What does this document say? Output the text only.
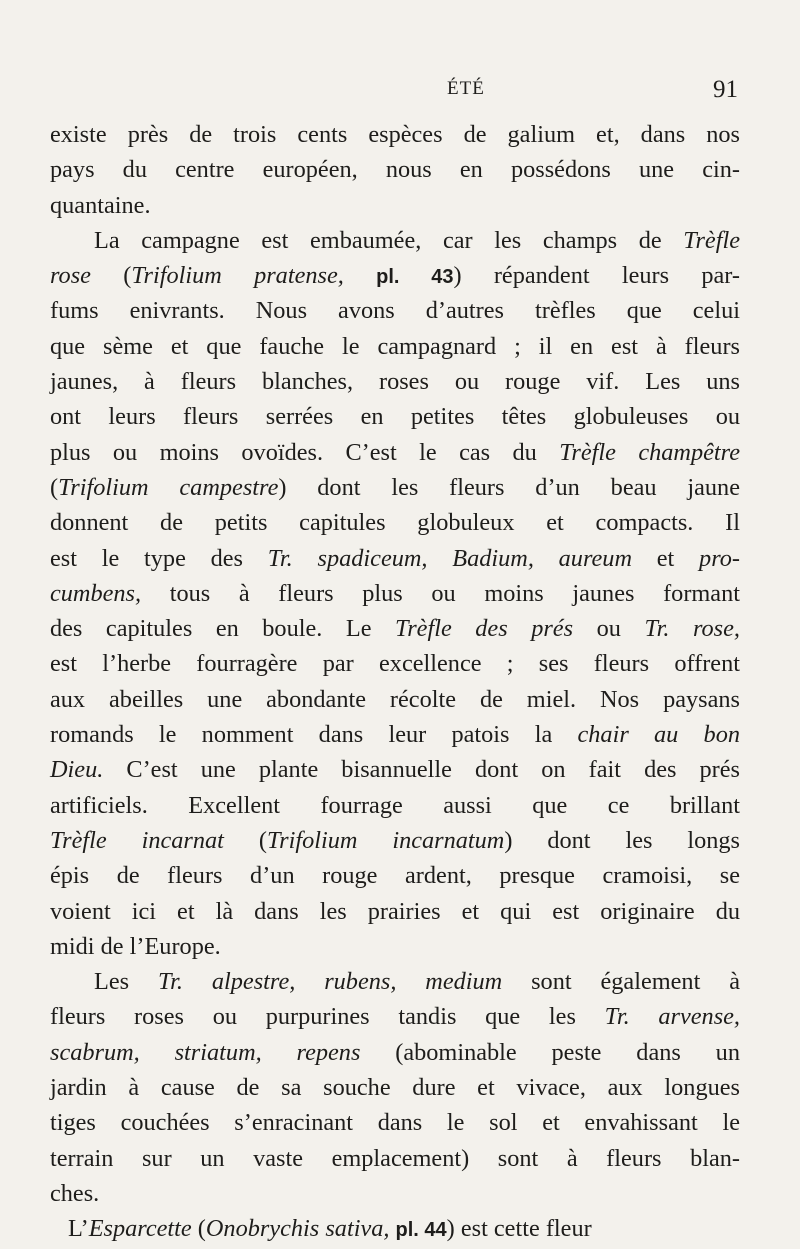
ÉTÉ	91
existe près de trois cents espèces de galium et, dans nos
pays du centre européen, nous en possédons une cin-
quantaine.
La campagne est embaumée, car les champs de Trèfle
rose (Trifolium pratense, pl. 43) répandent leurs par-
fums enivrants. Nous avons d’autres trèfles que celui
que sème et que fauche le campagnard ; il en est à fleurs
jaunes, à fleurs blanches, roses ou rouge vif. Les uns
ont leurs fleurs serrées en petites têtes globuleuses ou
plus ou moins ovoïdes. C’est le cas du Trèfle champêtre
(Trifolium campestre) dont les fleurs d’un beau jaune
donnent de petits capitules globuleux et compacts. Il
est le type des Tr. spadiceum, Badium, aureum et pro-
cumbens, tous à fleurs plus ou moins jaunes formant
des capitules en boule. Le Trèfle des prés ou Tr. rose,
est l’herbe fourragère par excellence ; ses fleurs offrent
aux abeilles une abondante récolte de miel. Nos paysans
romands le nomment dans leur patois la chair au bon
Dieu. C’est une plante bisannuelle dont on fait des prés
artificiels. Excellent fourrage aussi que ce brillant
Trèfle incarnat (Trifolium incarnatum) dont les longs
épis de fleurs d’un rouge ardent, presque cramoisi, se
voient ici et là dans les prairies et qui est originaire du
midi de l’Europe.
Les Tr. alpestre, rubens, medium sont également à
fleurs roses ou purpurines tandis que les Tr. arvense,
scabrum, striatum, repens (abominable peste dans un
jardin à cause de sa souche dure et vivace, aux longues
tiges couchées s’enracinant dans le sol et envahissant le
terrain sur un vaste emplacement) sont à fleurs blan-
ches.
L’Esparcette (Onobrychis sativa, pl. 44) est cette fleur
